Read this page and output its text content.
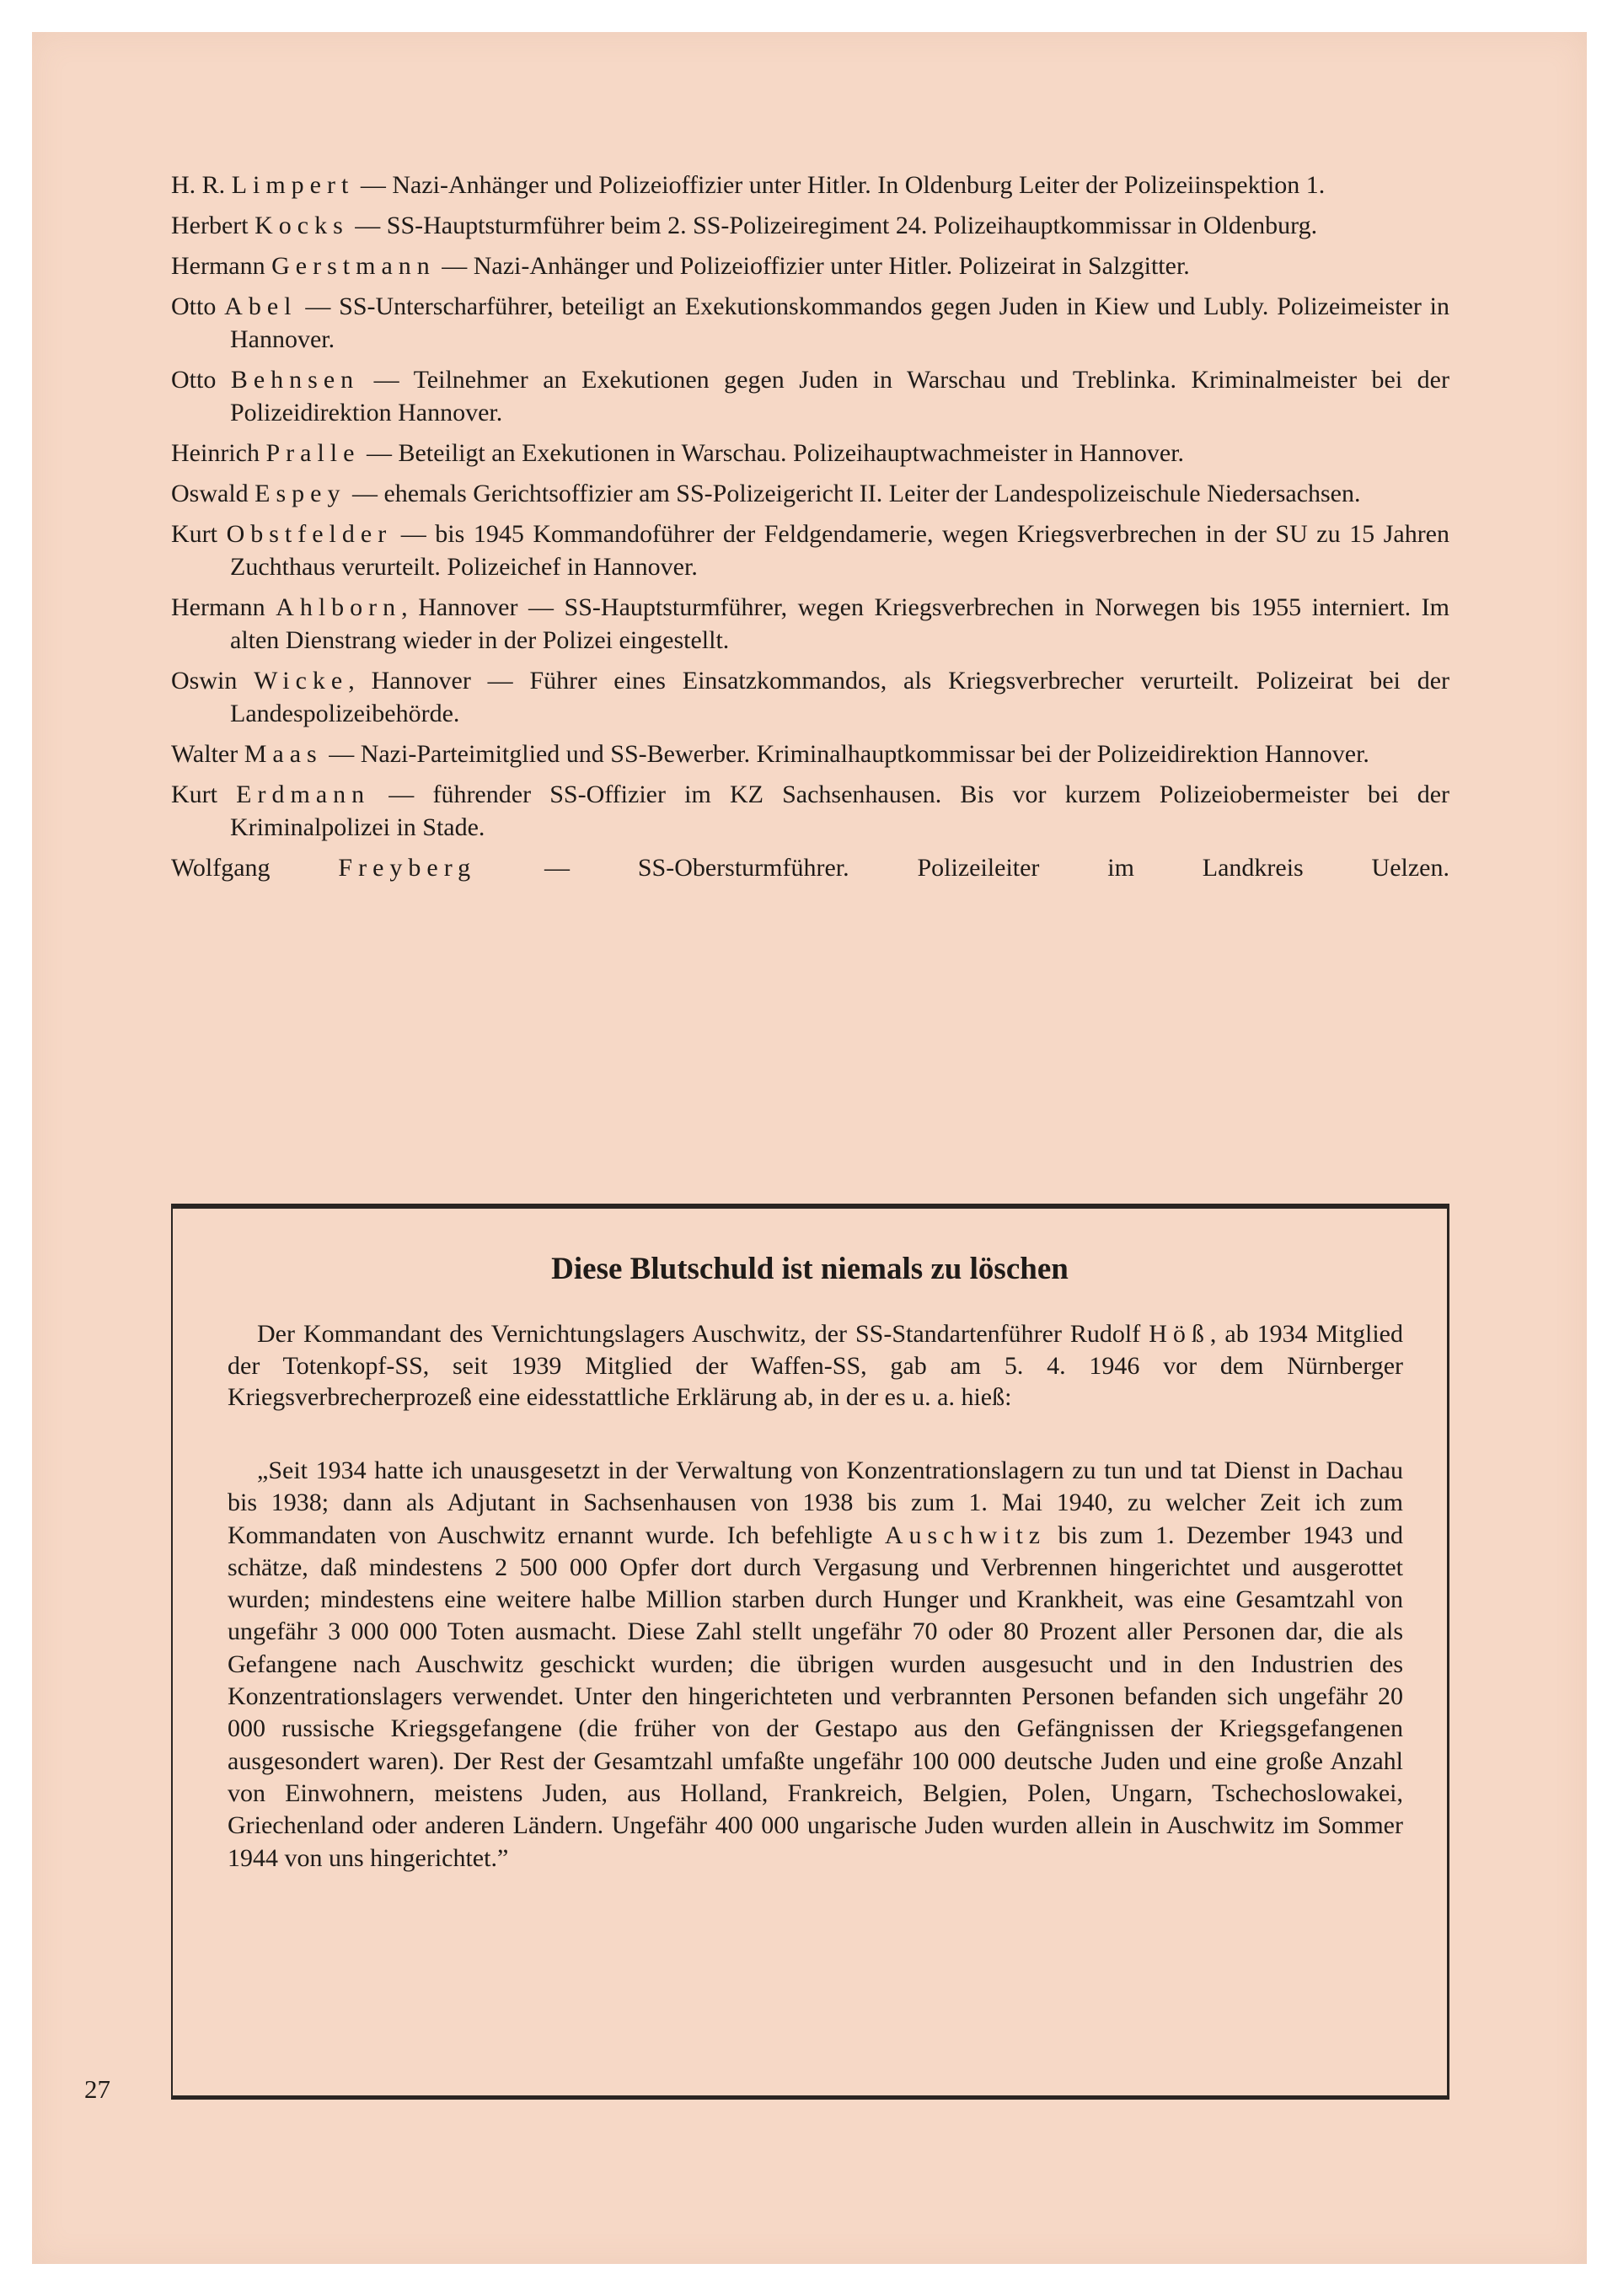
H. R. Limpert — Nazi-Anhänger und Polizeioffizier unter Hitler. In Oldenburg Leiter der Polizeiinspektion 1.
Herbert Kocks — SS-Hauptsturmführer beim 2. SS-Polizeiregiment 24. Polizeihauptkommissar in Oldenburg.
Hermann Gerstmann — Nazi-Anhänger und Polizeioffizier unter Hitler. Polizeirat in Salzgitter.
Otto Abel — SS-Unterscharführer, beteiligt an Exekutionskommandos gegen Juden in Kiew und Lubly. Polizeimeister in Hannover.
Otto Behnsen — Teilnehmer an Exekutionen gegen Juden in Warschau und Treblinka. Kriminalmeister bei der Polizeidirektion Hannover.
Heinrich Pralle — Beteiligt an Exekutionen in Warschau. Polizeihauptwachmeister in Hannover.
Oswald Espey — ehemals Gerichtsoffizier am SS-Polizeigericht II. Leiter der Landespolizeischule Niedersachsen.
Kurt Obstfelder — bis 1945 Kommandoführer der Feldgendamerie, wegen Kriegsverbrechen in der SU zu 15 Jahren Zuchthaus verurteilt. Polizeichef in Hannover.
Hermann Ahlborn, Hannover — SS-Hauptsturmführer, wegen Kriegsverbrechen in Norwegen bis 1955 interniert. Im alten Dienstrang wieder in der Polizei eingestellt.
Oswin Wicke, Hannover — Führer eines Einsatzkommandos, als Kriegsverbrecher verurteilt. Polizeirat bei der Landespolizeibehörde.
Walter Maas — Nazi-Parteimitglied und SS-Bewerber. Kriminalhauptkommissar bei der Polizeidirektion Hannover.
Kurt Erdmann — führender SS-Offizier im KZ Sachsenhausen. Bis vor kurzem Polizeiobermeister bei der Kriminalpolizei in Stade.
Wolfgang	Freyberg — SS-Obersturmführer. Polizeileiter im Landkreis Uelzen.
Diese Blutschuld ist niemals zu löschen

Der Kommandant des Vernichtungslagers Auschwitz, der SS-Standartenführer Rudolf Höß, ab 1934 Mitglied der Totenkopf-SS, seit 1939 Mitglied der Waffen-SS, gab am 5. 4. 1946 vor dem Nürnberger Kriegsverbrecherprozeß eine eidesstattliche Erklärung ab, in der es u. a. hieß:

„Seit 1934 hatte ich unausgesetzt in der Verwaltung von Konzentrationslagern zu tun und tat Dienst in Dachau bis 1938; dann als Adjutant in Sachsenhausen von 1938 bis zum 1. Mai 1940, zu welcher Zeit ich zum Kommandaten von Auschwitz ernannt wurde. Ich befehligte Auschwitz bis zum 1. Dezember 1943 und schätze, daß mindestens 2 500 000 Opfer dort durch Vergasung und Verbrennen hingerichtet und ausgerottet wurden; mindestens eine weitere halbe Million starben durch Hunger und Krankheit, was eine Gesamtzahl von ungefähr 3 000 000 Toten ausmacht. Diese Zahl stellt ungefähr 70 oder 80 Prozent aller Personen dar, die als Gefangene nach Auschwitz geschickt wurden; die übrigen wurden ausgesucht und in den Industrien des Konzentrationslagers verwendet. Unter den hingerichteten und verbrannten Personen befanden sich ungefähr 20 000 russische Kriegsgefangene (die früher von der Gestapo aus den Gefängnissen der Kriegsgefangenen ausgesondert waren). Der Rest der Gesamtzahl umfaßte ungefähr 100 000 deutsche Juden und eine große Anzahl von Einwohnern, meistens Juden, aus Holland, Frankreich, Belgien, Polen, Ungarn, Tschechoslowakei, Griechenland oder anderen Ländern. Ungefähr 400 000 ungarische Juden wurden allein in Auschwitz im Sommer 1944 von uns hingerichtet.”

27
